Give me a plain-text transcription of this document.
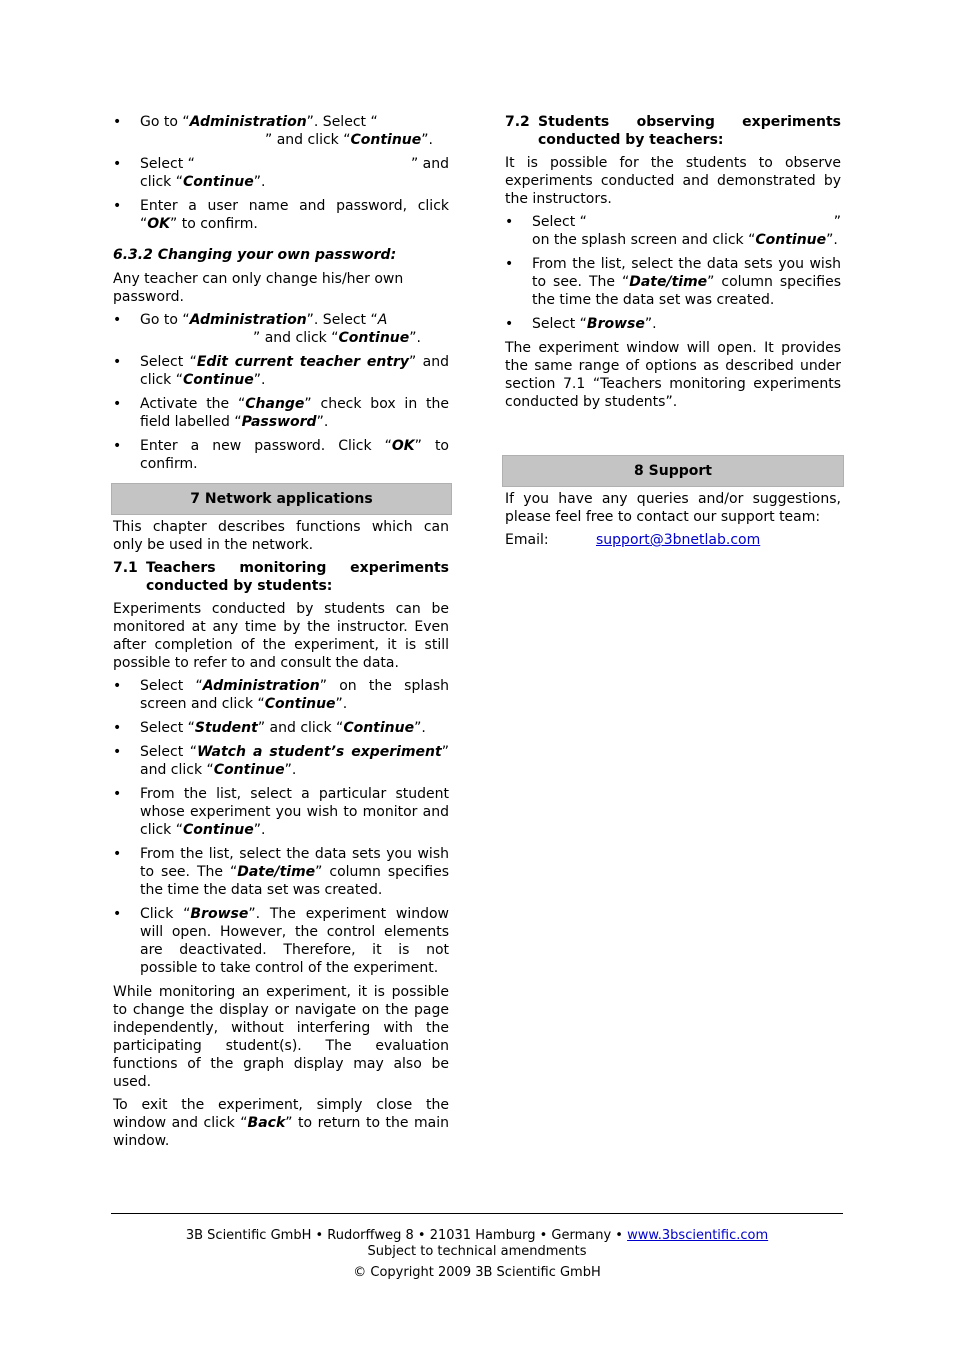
• Go to “Administration”. Select “
” and click “Continue”.
• Select “	” and
click “Continue”.
• Enter a user name and password, click “OK” to confirm.

6.3.2 Changing your own password:

Any teacher can only change his/her own password.

• Go to “Administration”. Select “A
” and click “Continue”.
• Select “Edit current teacher entry” and click “Continue”.
• Activate the “Change” check box in the field labelled “Password”.
• Enter a new password. Click “OK” to confirm.
7 Network applications

This chapter describes functions which can only be used in the network.

7.1 Teachers monitoring experiments conducted by students:

Experiments conducted by students can be monitored at any time by the instructor. Even after completion of the experiment, it is still possible to refer to and consult the data.

• Select “Administration” on the splash screen and click “Continue”.
• Select “Student” and click “Continue”.
• Select “Watch a student’s experiment” and click “Continue”.
• From the list, select a particular student whose experiment you wish to monitor and click “Continue”.
• From the list, select the data sets you wish to see. The “Date/time” column specifies the time the data set was created.
• Click “Browse”. The experiment window will open. However, the control elements are deactivated. Therefore, it is not possible to take control of the experiment.

While monitoring an experiment, it is possible to change the display or navigate on the page independently, without interfering with the participating student(s). The evaluation functions of the graph display may also be used.

To exit the experiment, simply close the window and click “Back” to return to the main window.

7.2 Students observing experiments conducted by teachers:

It is possible for the students to observe experiments conducted and demonstrated by the instructors.

• Select “	”
on the splash screen and click “Continue”.
• From the list, select the data sets you wish to see. The “Date/time” column specifies the time the data set was created.
• Select “Browse”.

The experiment window will open. It provides the same range of options as described under section 7.1 “Teachers monitoring experiments conducted by students”.

8 Support

If you have any queries and/or suggestions, please feel free to contact our support team:

Email:	support@3bnetlab.com
3B Scientific GmbH • Rudorffweg 8 • 21031 Hamburg • Germany • www.3bscientific.com
Subject to technical amendments
© Copyright 2009 3B Scientific GmbH
